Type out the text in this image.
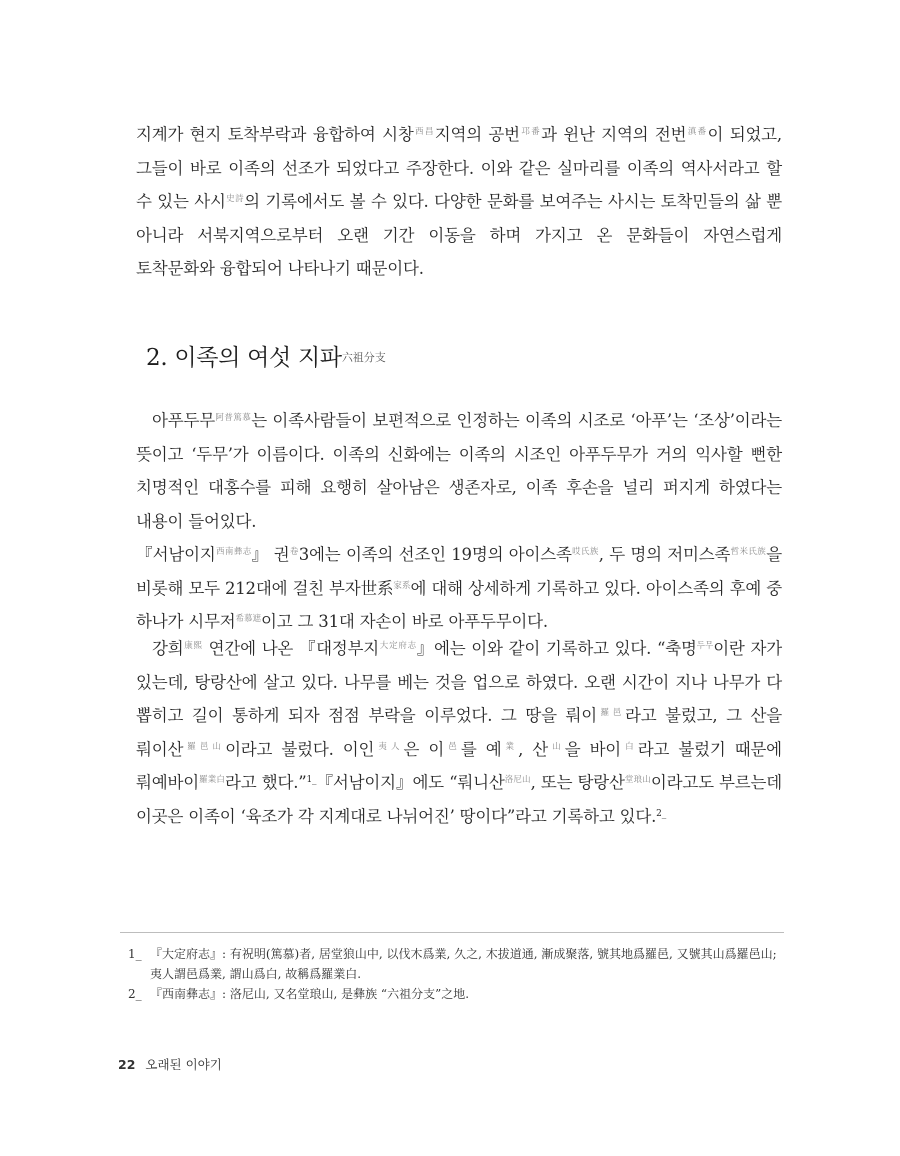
지계가 현지 토착부락과 융합하여 시창$^{西昌}$지역의 공번$^{邛番}$과 윈난 지역의 전번$^{滇番}$이 되었고, 그들이 바로 이족의 선조가 되었다고 주장한다. 이와 같은 실마리를 이족의 역사서라고 할 수 있는 사시$^{史詩}$의 기록에서도 볼 수 있다. 다양한 문화를 보여주는 사시는 토착민들의 삶 뿐 아니라 서북지역으로부터 오랜 기간 이동을 하며 가지고 온 문화들이 자연스럽게 토착문화와 융합되어 나타나기 때문이다.

2. 이족의 여섯 지파六祖分支

아푸두무$^{阿普篤慕}$는 이족사람들이 보편적으로 인정하는 이족의 시조로 ‘아푸’는 ‘조상’이라는 뜻이고 ‘두무’가 이름이다. 이족의 신화에는 이족의 시조인 아푸두무가 거의 익사할 뻔한 치명적인 대홍수를 피해 요행히 살아남은 생존자로, 이족 후손을 널리 퍼지게 하였다는 내용이 들어있다.

『서남이지$^{西南彝志}$』 권$^卷$3에는 이족의 선조인 19명의 아이스족$^{哎氏族}$, 두 명의 저미스족$^{哲米氏族}$을 비롯해 모두 212대에 걸친 부자世系$^{家系}$에 대해 상세하게 기록하고 있다. 아이스족의 후예 중 하나가 시무저$^{希慕遮}$이고 그 31대 자손이 바로 아푸두무이다.

강희$^{康熙}$ 연간에 나온 『대정부지$^{大定府志}$』에는 이와 같이 기록하고 있다. “축명$^{두무}$이란 자가 있는데, 탕랑산에 살고 있다. 나무를 베는 것을 업으로 하였다. 오랜 시간이 지나 나무가 다 뽑히고 길이 통하게 되자 점점 부락을 이루었다. 그 땅을 뤄이$^{羅邑}$라고 불렀고, 그 산을 뤄이산$^{羅邑山}$이라고 불렀다. 이인$^{夷人}$은 이$^邑$를 예$^業$, 산$^山$을 바이$^白$라고 불렀기 때문에 뤄예바이$^{羅業白}$라고 했다.”$^{1\_}$『서남이지』에도 “뤄니산$^{洛尼山}$, 또는 탕랑산$^{堂琅山}$이라고도 부르는데 이곳은 이족이 ‘육조가 각 지계대로 나뉘어진’ 땅이다”라고 기록하고 있다.$^{2\_}$

1_ 『大定府志』: 有祝明(篤慕)者, 居堂狼山中, 以伐木爲業, 久之, 木拔道通, 漸成聚落, 號其地爲羅邑, 又號其山爲羅邑山; 夷人謂邑爲業, 謂山爲白, 故稱爲羅業白.

2_ 『西南彝志』: 洛尼山, 又名堂琅山, 是彝族 “六祖分支”之地.

22 오래된 이야기
